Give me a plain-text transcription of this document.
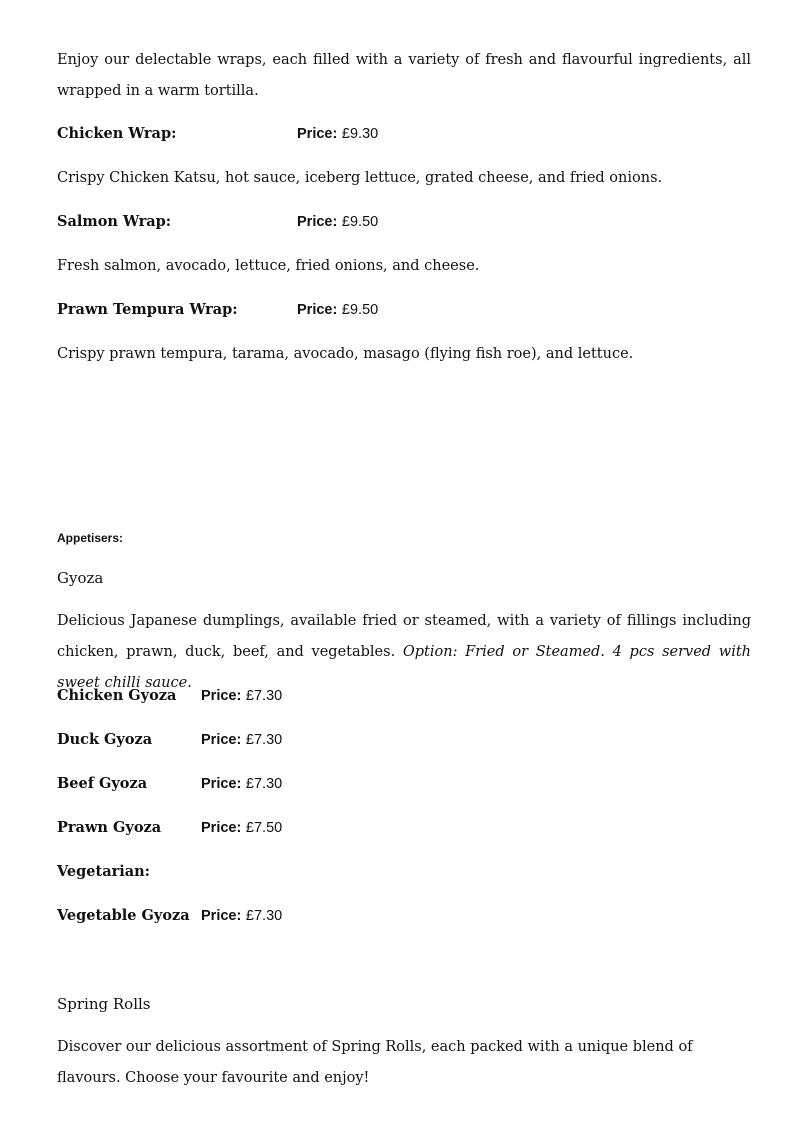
Enjoy our delectable wraps, each filled with a variety of fresh and flavourful ingredients, all wrapped in a warm tortilla.

Chicken Wrap:	Price: £9.30
Crispy Chicken Katsu, hot sauce, iceberg lettuce, grated cheese, and fried onions.
Salmon Wrap:	Price: £9.50
Fresh salmon, avocado, lettuce, fried onions, and cheese.
Prawn Tempura Wrap:	Price: £9.50
Crispy prawn tempura, tarama, avocado, masago (flying fish roe), and lettuce.
Appetisers:
Gyoza

Delicious Japanese dumplings, available fried or steamed, with a variety of fillings including chicken, prawn, duck, beef, and vegetables. Option: Fried or Steamed. 4 pcs served with sweet chilli sauce.

Chicken Gyoza Price: £7.30
Duck Gyoza	Price: £7.30
Beef Gyoza	Price: £7.30
Prawn Gyoza	Price: £7.50
Vegetarian:
Vegetable Gyoza Price: £7.30
Spring Rolls

Discover our delicious assortment of Spring Rolls, each packed with a unique blend of flavours. Choose your favourite and enjoy!
